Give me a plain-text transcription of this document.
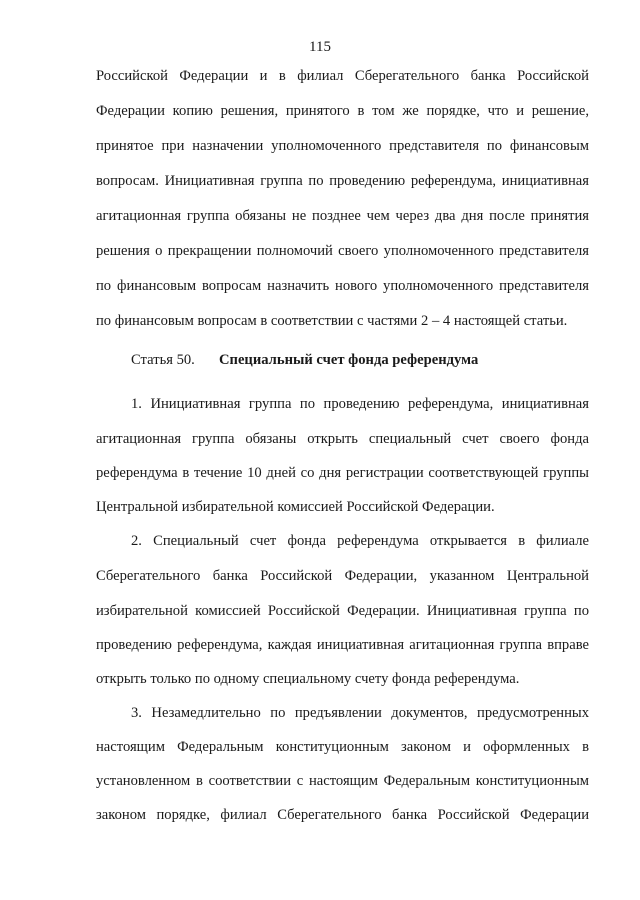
115
Российской Федерации и в филиал Сберегательного банка Российской
Федерации копию решения, принятого в том же порядке, что и решение,
принятое при назначении уполномоченного представителя по финансовым
вопросам. Инициативная группа по проведению референдума, инициативная
агитационная группа обязаны не позднее чем через два дня после принятия
решения о прекращении полномочий своего уполномоченного представителя
по финансовым вопросам назначить нового уполномоченного представителя
по финансовым вопросам в соответствии с частями 2 – 4 настоящей статьи.
Статья 50. Специальный счет фонда референдума
1. Инициативная группа по проведению референдума, инициативная
агитационная группа обязаны открыть специальный счет своего фонда
референдума в течение 10 дней со дня регистрации соответствующей группы
Центральной избирательной комиссией Российской Федерации.
2. Специальный счет фонда референдума открывается в филиале
Сберегательного банка Российской Федерации, указанном Центральной
избирательной комиссией Российской Федерации. Инициативная группа по
проведению референдума, каждая инициативная агитационная группа вправе
открыть только по одному специальному счету фонда референдума.
3. Незамедлительно по предъявлении документов, предусмотренных
настоящим Федеральным конституционным законом и оформленных в
установленном в соответствии с настоящим Федеральным конституционным
законом порядке, филиал Сберегательного банка Российской Федерации
